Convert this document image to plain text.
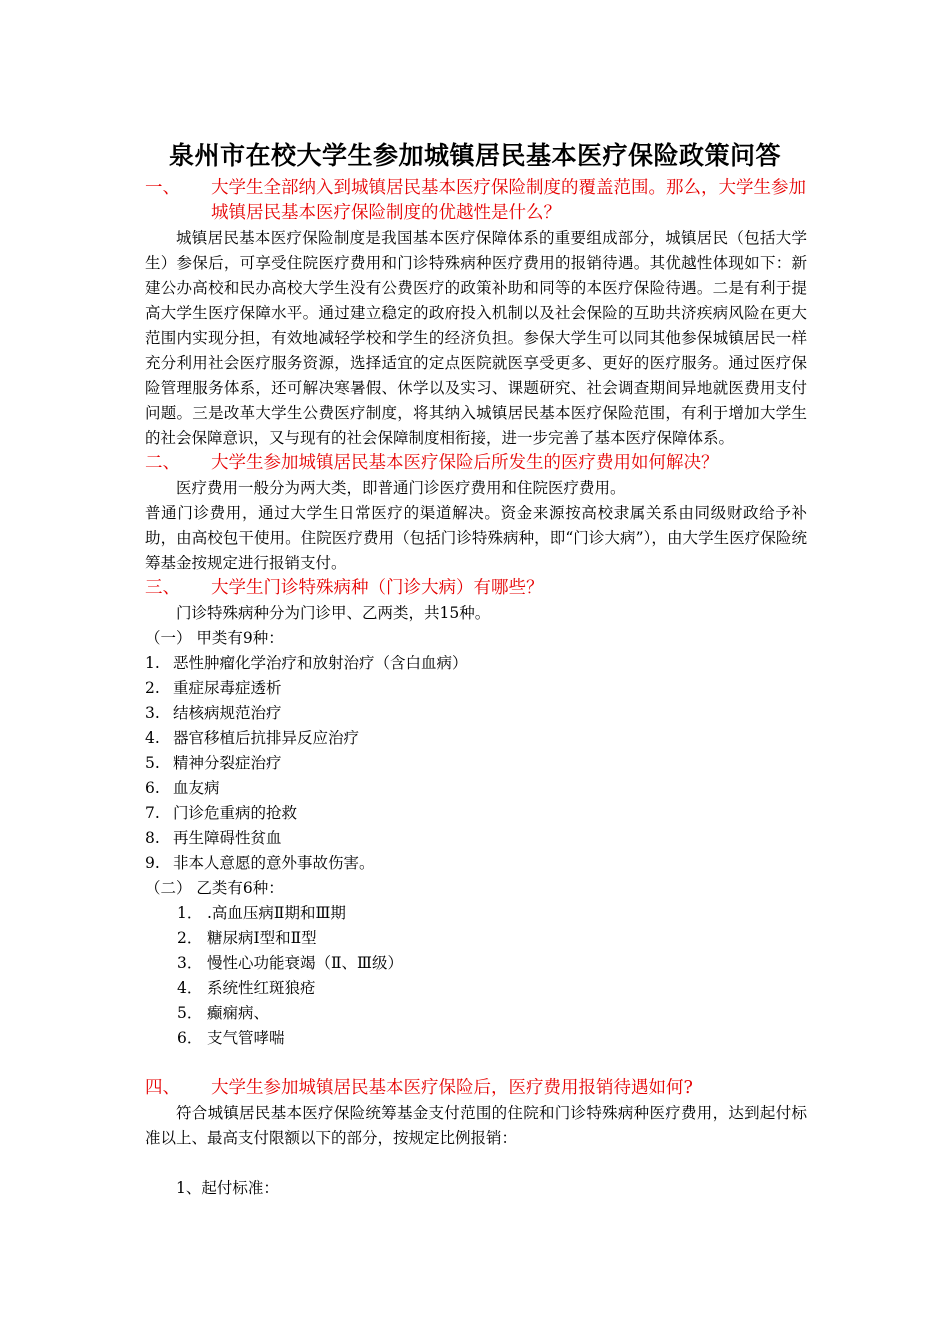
泉州市在校大学生参加城镇居民基本医疗保险政策问答
一、	大学生全部纳入到城镇居民基本医疗保险制度的覆盖范围。那么，大学生参加城镇居民基本医疗保险制度的优越性是什么？

城镇居民基本医疗保险制度是我国基本医疗保障体系的重要组成部分，城镇居民（包括大学生）参保后，可享受住院医疗费用和门诊特殊病种医疗费用的报销待遇。其优越性体现如下：新建公办高校和民办高校大学生没有公费医疗的政策补助和同等的本医疗保险待遇。二是有利于提高大学生医疗保障水平。通过建立稳定的政府投入机制以及社会保险的互助共济疾病风险在更大范围内实现分担，有效地减轻学校和学生的经济负担。参保大学生可以同其他参保城镇居民一样充分利用社会医疗服务资源，选择适宜的定点医院就医享受更多、更好的医疗服务。通过医疗保险管理服务体系，还可解决寒暑假、休学以及实习、课题研究、社会调查期间异地就医费用支付问题。三是改革大学生公费医疗制度，将其纳入城镇居民基本医疗保险范围，有利于增加大学生的社会保障意识，又与现有的社会保障制度相衔接，进一步完善了基本医疗保障体系。

二、	大学生参加城镇居民基本医疗保险后所发生的医疗费用如何解决？

医疗费用一般分为两大类，即普通门诊医疗费用和住院医疗费用。

普通门诊费用，通过大学生日常医疗的渠道解决。资金来源按高校隶属关系由同级财政给予补助，由高校包干使用。住院医疗费用（包括门诊特殊病种，即“门诊大病”），由大学生医疗保险统筹基金按规定进行报销支付。

三、	大学生门诊特殊病种（门诊大病）有哪些？

门诊特殊病种分为门诊甲、乙两类，共15种。

（一） 甲类有9种：

1. 恶性肿瘤化学治疗和放射治疗（含白血病）
2. 重症尿毒症透析
3. 结核病规范治疗
4. 器官移植后抗排异反应治疗
5. 精神分裂症治疗
6. 血友病
7. 门诊危重病的抢救
8. 再生障碍性贫血
9. 非本人意愿的意外事故伤害。

（二） 乙类有6种：

1． .高血压病Ⅱ期和Ⅲ期
2． 糖尿病Ⅰ型和Ⅱ型
3． 慢性心功能衰竭（Ⅱ、Ⅲ级）
4． 系统性红斑狼疮
5． 癫痫病、
6． 支气管哮喘
四、	大学生参加城镇居民基本医疗保险后，医疗费用报销待遇如何?

符合城镇居民基本医疗保险统筹基金支付范围的住院和门诊特殊病种医疗费用，达到起付标准以上、最高支付限额以下的部分，按规定比例报销：

1、起付标准：
